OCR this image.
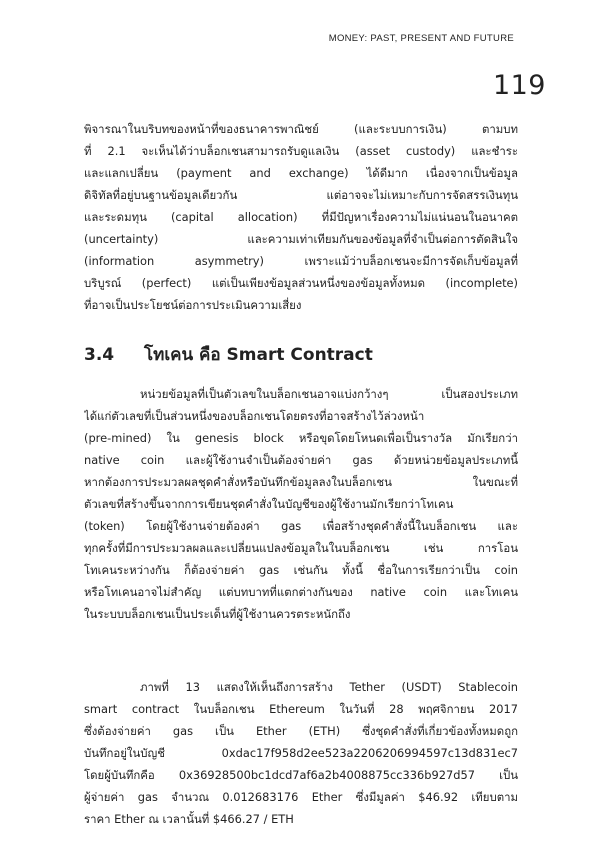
MONEY: PAST, PRESENT AND FUTURE
119
พิจารณาในบริบทของหน้าที่ของธนาคารพาณิชย์ (และระบบการเงิน) ตามบท
ที่ 2.1 จะเห็นได้ว่าบล็อกเชนสามารถรับดูแลเงิน (asset custody) และชำระ
และแลกเปลี่ยน (payment and exchange) ได้ดีมาก เนื่องจากเป็นข้อมูล
ดิจิทัลที่อยู่บนฐานข้อมูลเดียวกัน แต่อาจจะไม่เหมาะกับการจัดสรรเงินทุน
และระดมทุน (capital allocation) ที่มีปัญหาเรื่องความไม่แน่นอนในอนาคต
(uncertainty) และความเท่าเทียมกันของข้อมูลที่จำเป็นต่อการตัดสินใจ
(information asymmetry) เพราะแม้ว่าบล็อกเชนจะมีการจัดเก็บข้อมูลที่
บริบูรณ์ (perfect) แต่เป็นเพียงข้อมูลส่วนหนึ่งของข้อมูลทั้งหมด (incomplete)
ที่อาจเป็นประโยชน์ต่อการประเมินความเสี่ยง
3.4 โทเคน คือ Smart Contract
หน่วยข้อมูลที่เป็นตัวเลขในบล็อกเชนอาจแบ่งกว้างๆ เป็นสองประเภท
ได้แก่ตัวเลขที่เป็นส่วนหนึ่งของบล็อกเชนโดยตรงที่อาจสร้างไว้ล่วงหน้า
(pre-mined) ใน genesis block หรือขุดโดยโหนดเพื่อเป็นรางวัล มักเรียกว่า
native coin และผู้ใช้งานจำเป็นต้องจ่ายค่า gas ด้วยหน่วยข้อมูลประเภทนี้
หากต้องการประมวลผลชุดคำสั่งหรือบันทึกข้อมูลลงในบล็อกเชน ในขณะที่
ตัวเลขที่สร้างขึ้นจากการเขียนชุดคำสั่งในบัญชีของผู้ใช้งานมักเรียกว่าโทเคน
(token) โดยผู้ใช้งานจ่ายต้องค่า gas เพื่อสร้างชุดคำสั่งนี้ในบล็อกเชน และ
ทุกครั้งที่มีการประมวลผลและเปลี่ยนแปลงข้อมูลในในบล็อกเชน เช่น การโอน
โทเคนระหว่างกัน ก็ต้องจ่ายค่า gas เช่นกัน ทั้งนี้ ชื่อในการเรียกว่าเป็น coin
หรือโทเคนอาจไม่สำคัญ แต่บทบาทที่แตกต่างกันของ native coin และโทเคน
ในระบบบล็อกเชนเป็นประเด็นที่ผู้ใช้งานควรตระหนักถึง
ภาพที่ 13 แสดงให้เห็นถึงการสร้าง Tether (USDT) Stablecoin
smart contract ในบล็อกเชน Ethereum ในวันที่ 28 พฤศจิกายน 2017
ซึ่งต้องจ่ายค่า gas เป็น Ether (ETH) ซึ่งชุดคำสั่งที่เกี่ยวข้องทั้งหมดถูก
บันทึกอยู่ในบัญชี 0xdac17f958d2ee523a2206206994597c13d831ec7
โดยผู้บันทึกคือ 0x36928500bc1dcd7af6a2b4008875cc336b927d57 เป็น
ผู้จ่ายค่า gas จำนวณ 0.012683176 Ether ซึ่งมีมูลค่า $46.92 เทียบตาม
ราคา Ether ณ เวลานั้นที่ $466.27 / ETH
